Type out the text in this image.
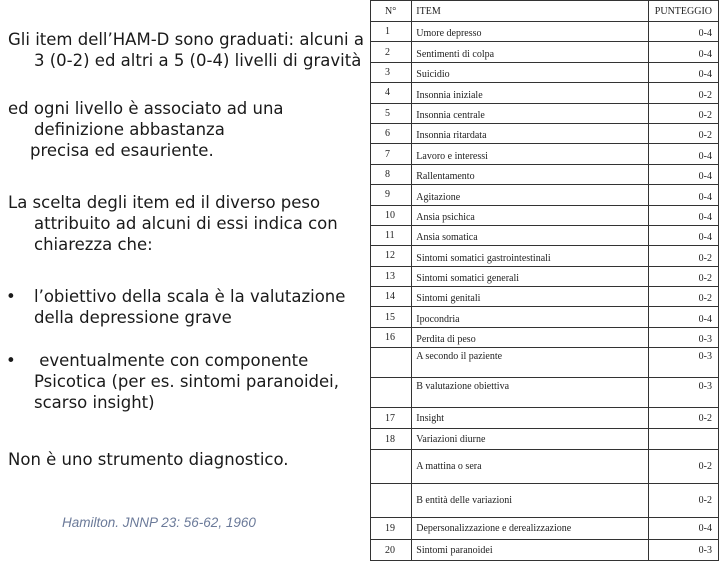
Gli item dell’HAM-D sono graduati: alcuni a

3 (0-2) ed altri a 5 (0-4) livelli di gravità
ed ogni livello è associato ad una

definizione abbastanza
precisa ed esauriente.
La scelta degli item ed il diverso peso

attribuito ad alcuni di essi indica con
chiarezza che:
• l’obiettivo della scala è la valutazione
della depressione grave
• eventualmente con componente
Psicotica (per es. sintomi paranoidei,
scarso insight)
Non è uno strumento diagnostico.
Hamilton. JNNP 23: 56-62, 1960
N°	ITEM	PUNTEGGIO
1	Umore depresso	0-4
2	Sentimenti di colpa	0-4
3	Suicidio	0-4
4	Insonnia iniziale	0-2
5	Insonnia centrale	0-2
6	Insonnia ritardata	0-2
7	Lavoro e interessi	0-4
8	Rallentamento	0-4
9	Agitazione	0-4
10	Ansia psichica	0-4
11	Ansia somatica	0-4
12	Sintomi somatici gastrointestinali	0-2
13	Sintomi somatici generali	0-2
14	Sintomi genitali	0-2
15	Ipocondria	0-4
16	Perdita di peso	0-3
	A secondo il paziente	0-3
	B valutazione obiettiva	0-3
17	Insight	0-2
18	Variazioni diurne	
	A mattina o sera	0-2
	B entità delle variazioni	0-2
19	Depersonalizzazione e derealizzazione	0-4
20	Sintomi paranoidei	0-3
